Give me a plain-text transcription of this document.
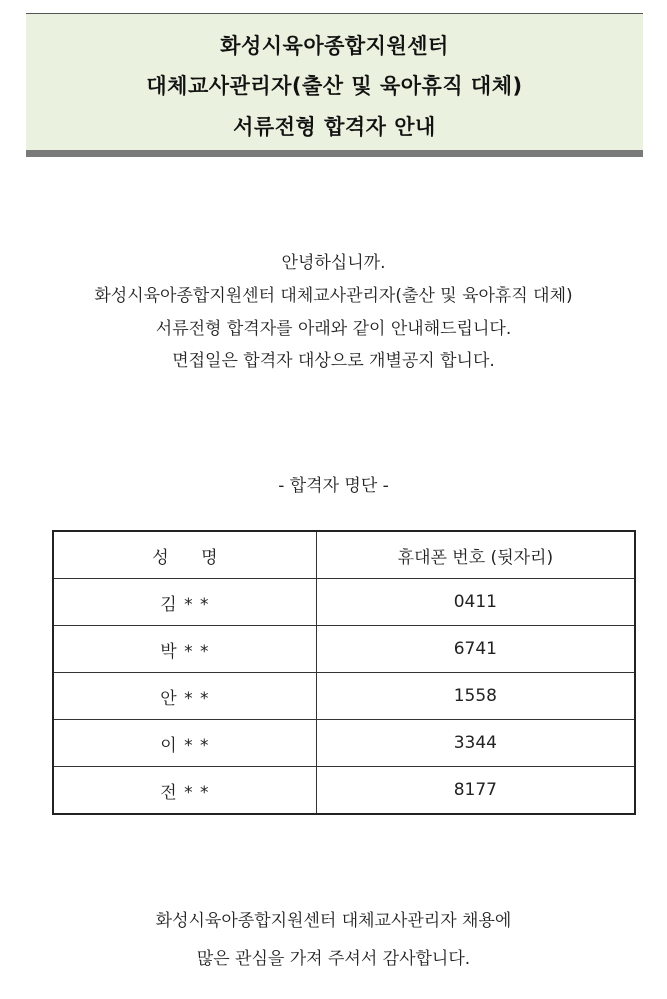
화성시육아종합지원센터
대체교사관리자(출산 및 육아휴직 대체)
서류전형 합격자 안내
안녕하십니까.
화성시육아종합지원센터 대체교사관리자(출산 및 육아휴직 대체)
서류전형 합격자를 아래와 같이 안내해드립니다.
면접일은 합격자 대상으로 개별공지 합니다.
- 합격자 명단 -
성      명	휴대폰 번호 (뒷자리)
김 * *	0411
박 * *	6741
안 * *	1558
이 * *	3344
전 * *	8177
화성시육아종합지원센터 대체교사관리자 채용에
많은 관심을 가져 주셔서 감사합니다.
